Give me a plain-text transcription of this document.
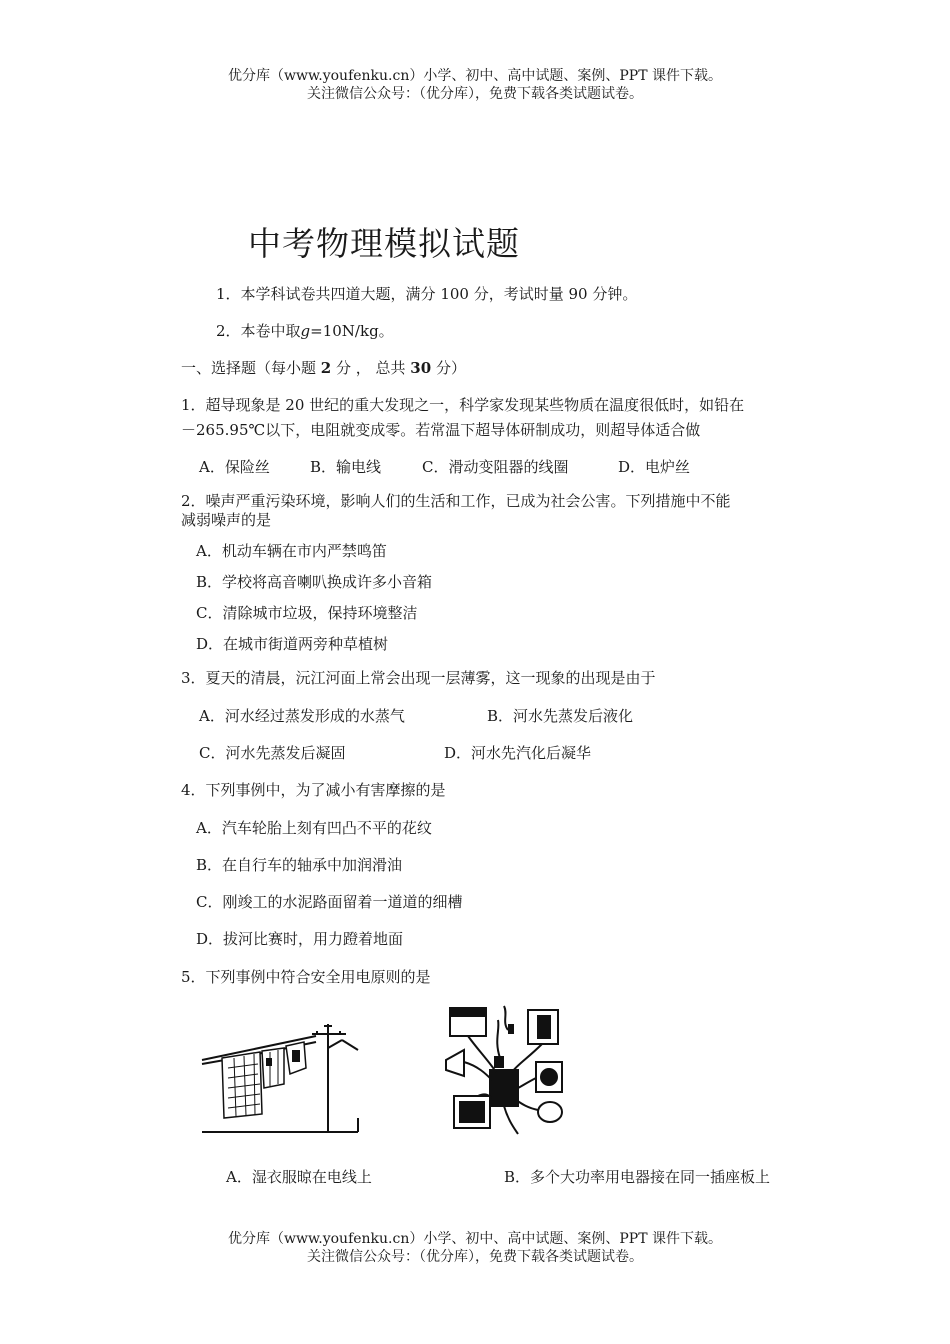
优分库（www.youfenku.cn）小学、初中、高中试题、案例、PPT 课件下载。
关注微信公众号：（优分库），免费下载各类试题试卷。
中考物理模拟试题
1．本学科试卷共四道大题，满分 100 分，考试时量 90 分钟。
2．本卷中取g=10N/kg。
一、选择题（每小题 2 分 ， 总共 30 分）
1．超导现象是 20 世纪的重大发现之一，科学家发现某些物质在温度很低时，如铅在
－265.95℃以下，电阻就变成零。若常温下超导体研制成功，则超导体适合做
A．保险丝	B．输电线	C．滑动变阻器的线圈	D．电炉丝
2．噪声严重污染环境，影响人们的生活和工作，已成为社会公害。下列措施中不能
减弱噪声的是
A．机动车辆在市内严禁鸣笛
B．学校将高音喇叭换成许多小音箱
C．清除城市垃圾，保持环境整洁
D．在城市街道两旁种草植树
3．夏天的清晨，沅江河面上常会出现一层薄雾，这一现象的出现是由于
A．河水经过蒸发形成的水蒸气	B．河水先蒸发后液化
C．河水先蒸发后凝固	D．河水先汽化后凝华
4．下列事例中，为了减小有害摩擦的是
A．汽车轮胎上刻有凹凸不平的花纹
B．在自行车的轴承中加润滑油
C．刚竣工的水泥路面留着一道道的细槽
D．拔河比赛时，用力蹬着地面
5．下列事例中符合安全用电原则的是
A．湿衣服晾在电线上	B．多个大功率用电器接在同一插座板上
优分库（www.youfenku.cn）小学、初中、高中试题、案例、PPT 课件下载。
关注微信公众号：（优分库），免费下载各类试题试卷。
